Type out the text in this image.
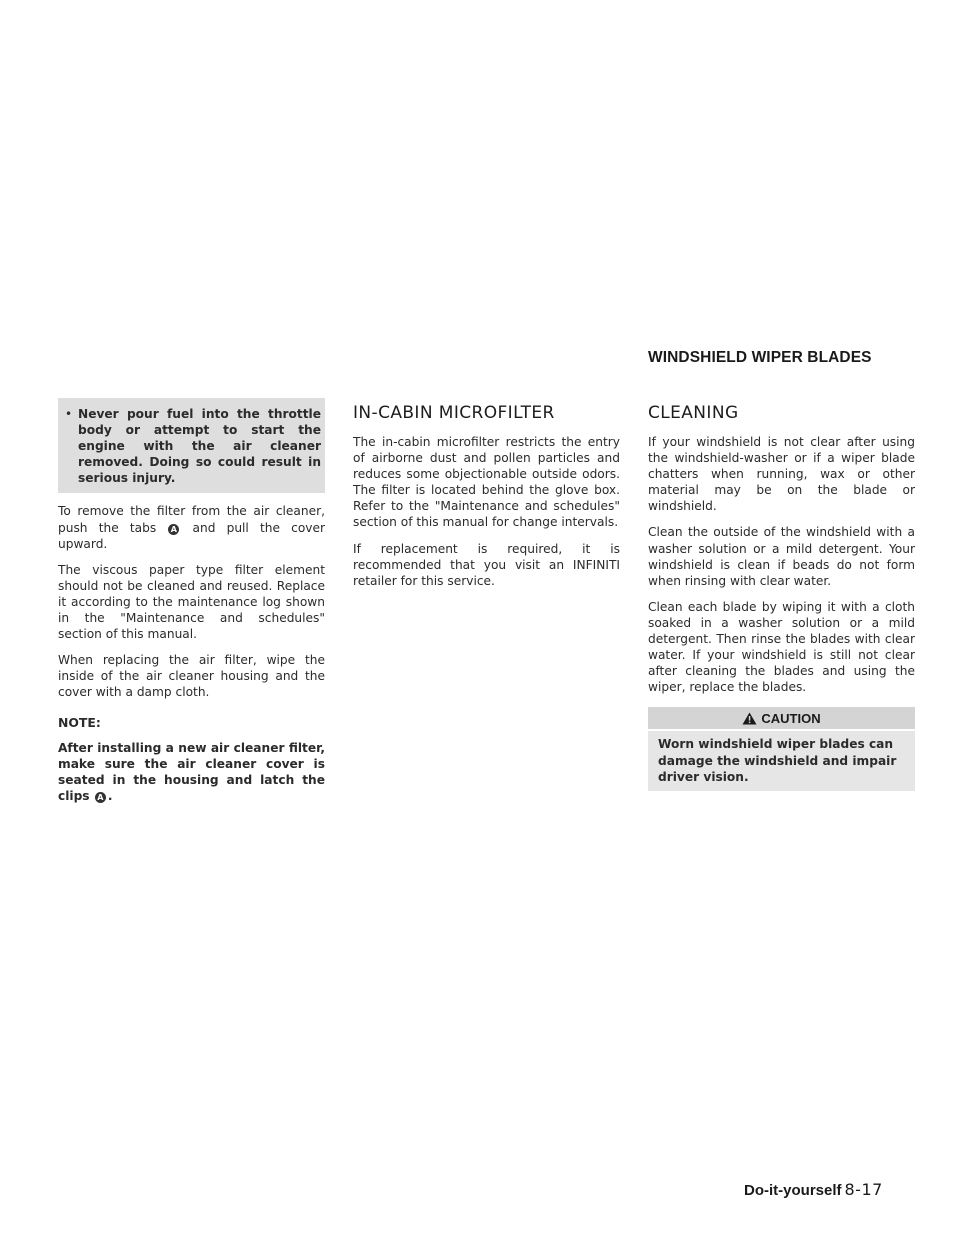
WINDSHIELD WIPER BLADES
• Never pour fuel into the throttle body or attempt to start the engine with the air cleaner removed. Doing so could result in serious injury.

To remove the filter from the air cleaner, push the tabs A and pull the cover upward.

The viscous paper type filter element should not be cleaned and reused. Replace it according to the maintenance log shown in the "Maintenance and schedules" section of this manual.

When replacing the air filter, wipe the inside of the air cleaner housing and the cover with a damp cloth.

NOTE:

After installing a new air cleaner filter, make sure the air cleaner cover is seated in the housing and latch the clips A .

IN-CABIN MICROFILTER

The in-cabin microfilter restricts the entry of airborne dust and pollen particles and reduces some objectionable outside odors. The filter is located behind the glove box. Refer to the "Maintenance and schedules" section of this manual for change intervals.

If replacement is required, it is recommended that you visit an INFINITI retailer for this service.

CLEANING

If your windshield is not clear after using the windshield-washer or if a wiper blade chatters when running, wax or other material may be on the blade or windshield.

Clean the outside of the windshield with a washer solution or a mild detergent. Your windshield is clean if beads do not form when rinsing with clear water.

Clean each blade by wiping it with a cloth soaked in a washer solution or a mild detergent. Then rinse the blades with clear water. If your windshield is still not clear after cleaning the blades and using the wiper, replace the blades.

CAUTION
Worn windshield wiper blades can damage the windshield and impair driver vision.
Do-it-yourself 8-17
